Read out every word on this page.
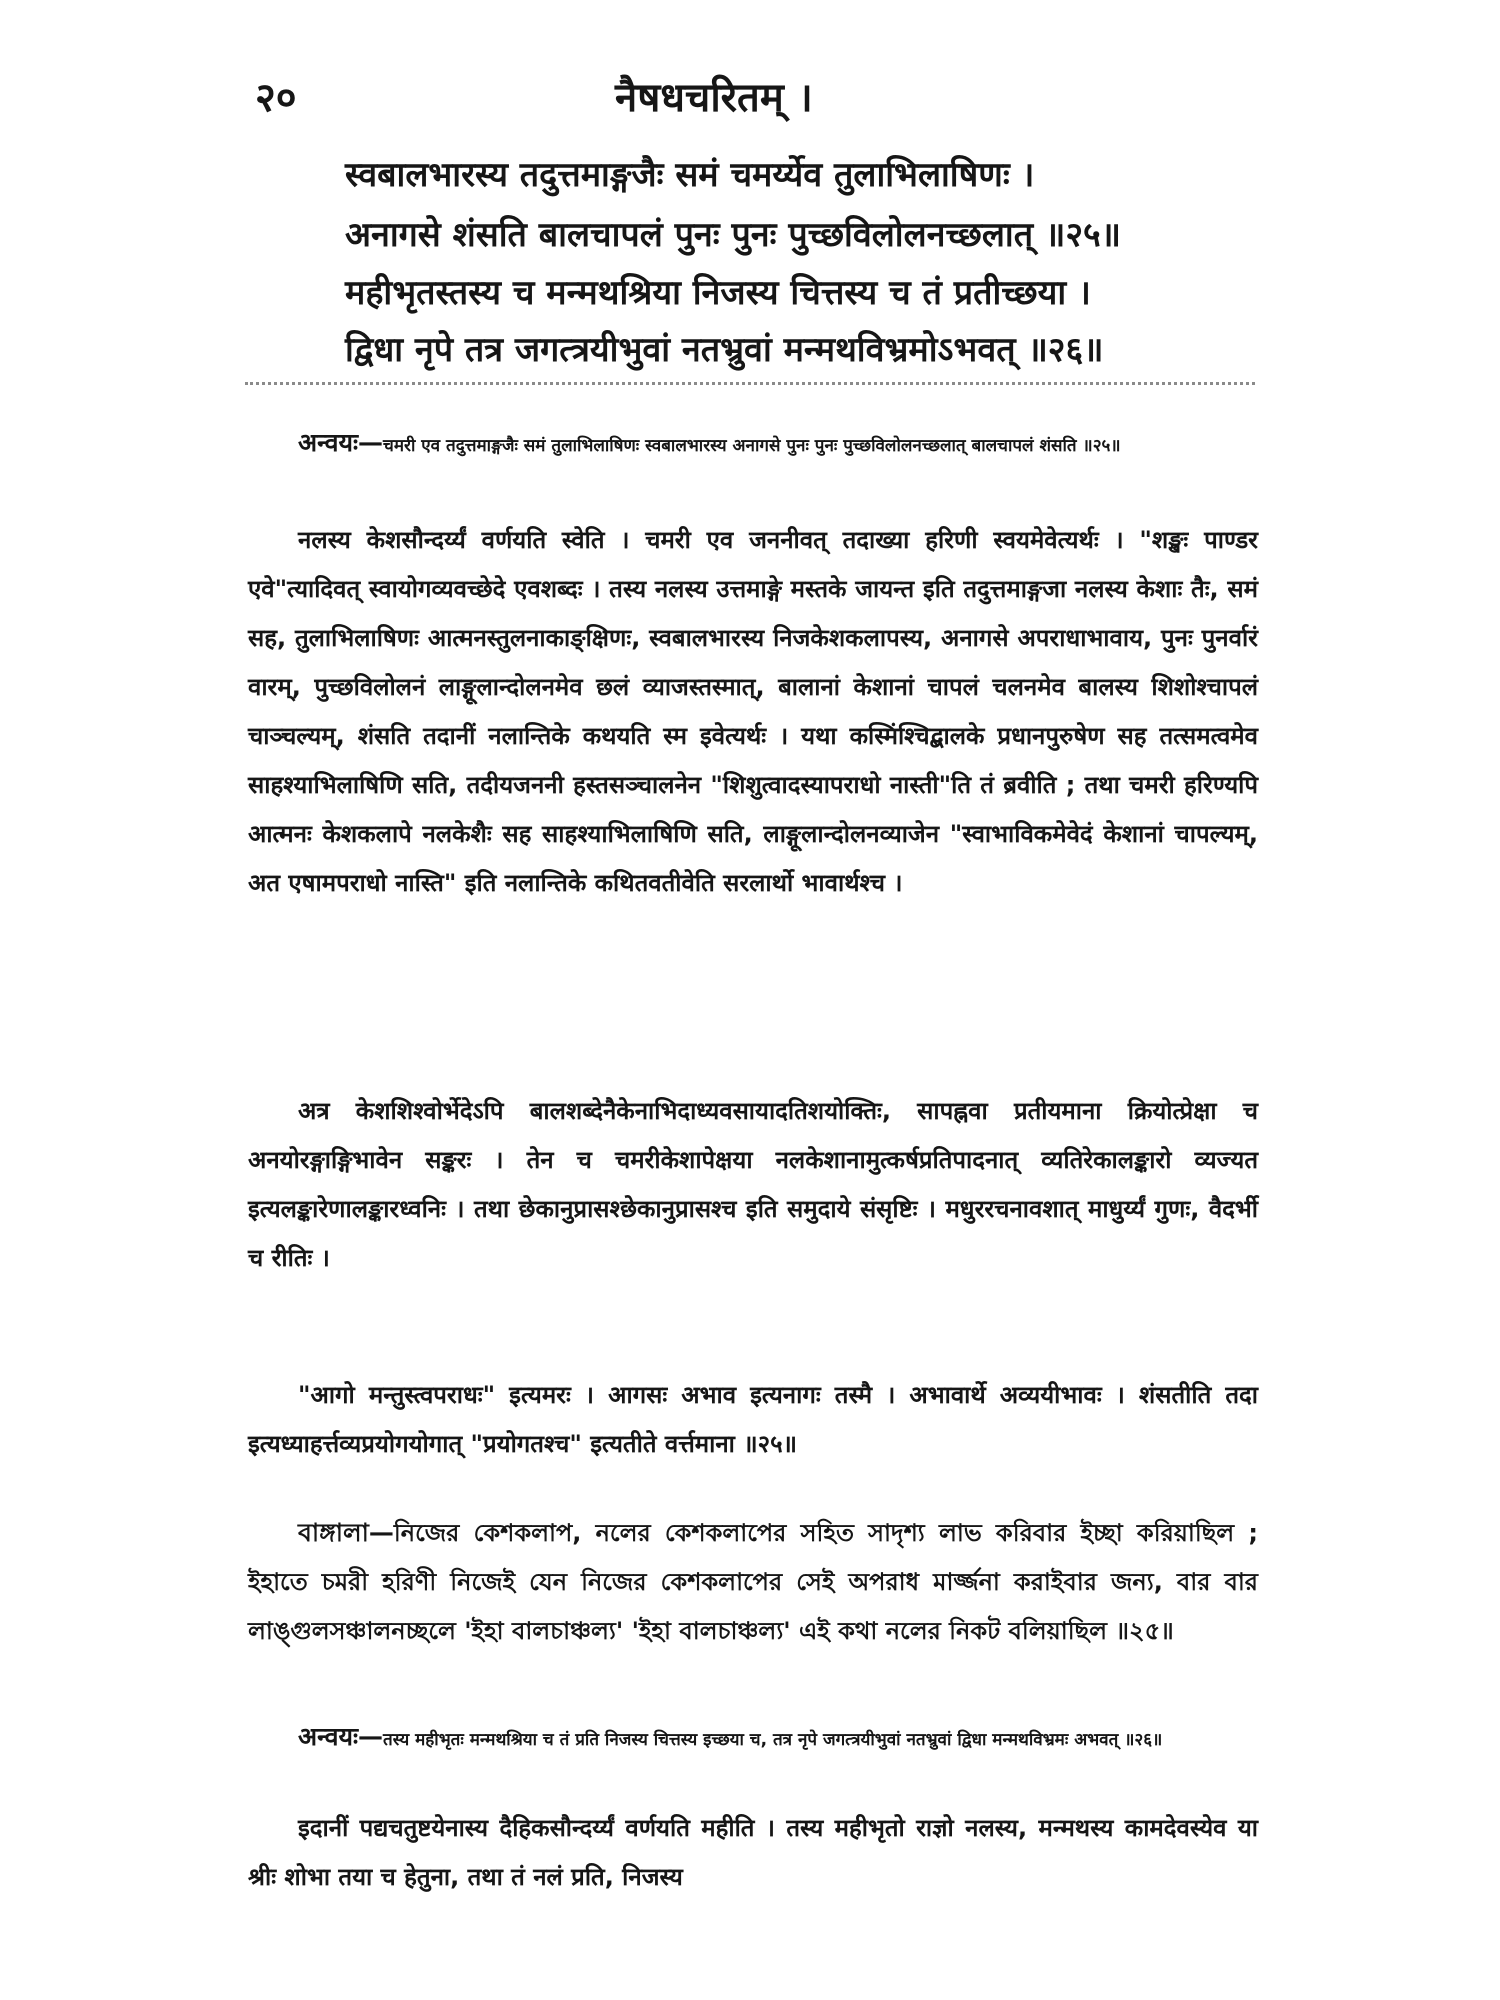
२०	नैषधचरितम् ।
स्वबालभारस्य तदुत्तमाङ्गजैः समं चमर्य्येव तुलाभिलाषिणः ।
अनागसे शंसति बालचापलं पुनः पुनः पुच्छविलोलनच्छलात् ॥२५॥
महीभृतस्तस्य च मन्मथश्रिया निजस्य चित्तस्य च तं प्रतीच्छया ।
द्विधा नृपे तत्र जगत्त्रयीभुवां नतभ्रुवां मन्मथविभ्रमोऽभवत् ॥२६॥
अन्वयः—चमरी एव तदुत्तमाङ्गजैः समं तुलाभिलाषिणः स्वबालभारस्य अनागसे पुनः पुनः पुच्छविलोलनच्छलात् बालचापलं शंसति ॥२५॥
नलस्य केशसौन्दर्य्यं वर्णयति स्वेति । चमरी एव जननीवत् तदाख्या हरिणी स्वयमेवेत्यर्थः । "शङ्खः पाण्डर एवे"त्यादिवत् स्वायोगव्यवच्छेदे एवशब्दः । तस्य नलस्य उत्तमाङ्गे मस्तके जायन्त इति तदुत्तमाङ्गजा नलस्य केशाः तैः, समं सह, तुलाभिलाषिणः आत्मनस्तुलनाकाङ्क्षिणः, स्वबालभारस्य निजकेशकलापस्य, अनागसे अपराधाभावाय, पुनः पुनर्वारं वारम्, पुच्छविलोलनं लाङ्गूलान्दोलनमेव छलं व्याजस्तस्मात्, बालानां केशानां चापलं चलनमेव बालस्य शिशोश्चापलं चाञ्चल्यम्, शंसति तदानीं नलान्तिके कथयति स्म इवेत्यर्थः । यथा कस्मिंश्चिद्बालके प्रधानपुरुषेण सह तत्समत्वमेव साहश्याभिलाषिणि सति, तदीयजननी हस्तसञ्चालनेन "शिशुत्वादस्यापराधो नास्ती"ति तं ब्रवीति ; तथा चमरी हरिण्यपि आत्मनः केशकलापे नलकेशैः सह साहश्याभिलाषिणि सति, लाङ्गूलान्दोलनव्याजेन "स्वाभाविकमेवेदं केशानां चापल्यम्, अत एषामपराधो नास्ति" इति नलान्तिके कथितवतीवेति सरलार्थो भावार्थश्च ।
अत्र केशशिश्वोर्भेदेऽपि बालशब्देनैकेनाभिदाध्यवसायादतिशयोक्तिः, सापह्नवा प्रतीयमाना क्रियोत्प्रेक्षा च अनयोरङ्गाङ्गिभावेन सङ्करः । तेन च चमरीकेशापेक्षया नलकेशानामुत्कर्षप्रतिपादनात् व्यतिरेकालङ्कारो व्यज्यत इत्यलङ्कारेणालङ्कारध्वनिः । तथा छेकानुप्रासश्छेकानुप्रासश्च इति समुदाये संसृष्टिः । मधुररचनावशात् माधुर्य्यं गुणः, वैदर्भी च रीतिः ।
"आगो मन्तुस्त्वपराधः" इत्यमरः । आगसः अभाव इत्यनागः तस्मै । अभावार्थे अव्ययीभावः । शंसतीति तदा इत्यध्याहर्त्तव्यप्रयोगयोगात् "प्रयोगतश्च" इत्यतीते वर्त्तमाना ॥२५॥
বাঙ্গালা—নিজের কেশকলাপ, নলের কেশকলাপের সহিত সাদৃশ্য লাভ করিবার ইচ্ছা করিয়াছিল ; ইহাতে চমরী হরিণী নিজেই যেন নিজের কেশকলাপের সেই অপরাধ মার্জ্জনা করাইবার জন্য, বার বার লাঙ্গুলসঞ্চালনচ্ছলে 'ইহা বালচাঞ্চল্য' 'ইহা বালচাঞ্চল্য' এই কথা নলের নিকট বলিয়াছিল ॥২৫॥
अन्वयः—तस्य महीभृतः मन्मथश्रिया च तं प्रति निजस्य चित्तस्य इच्छया च, तत्र नृपे जगत्त्रयीभुवां नतभ्रुवां द्विधा मन्मथविभ्रमः अभवत् ॥२६॥
इदानीं पद्यचतुष्टयेनास्य दैहिकसौन्दर्य्यं वर्णयति महीति । तस्य महीभृतो राज्ञो नलस्य, मन्मथस्य कामदेवस्येव या श्रीः शोभा तया च हेतुना, तथा तं नलं प्रति, निजस्य
